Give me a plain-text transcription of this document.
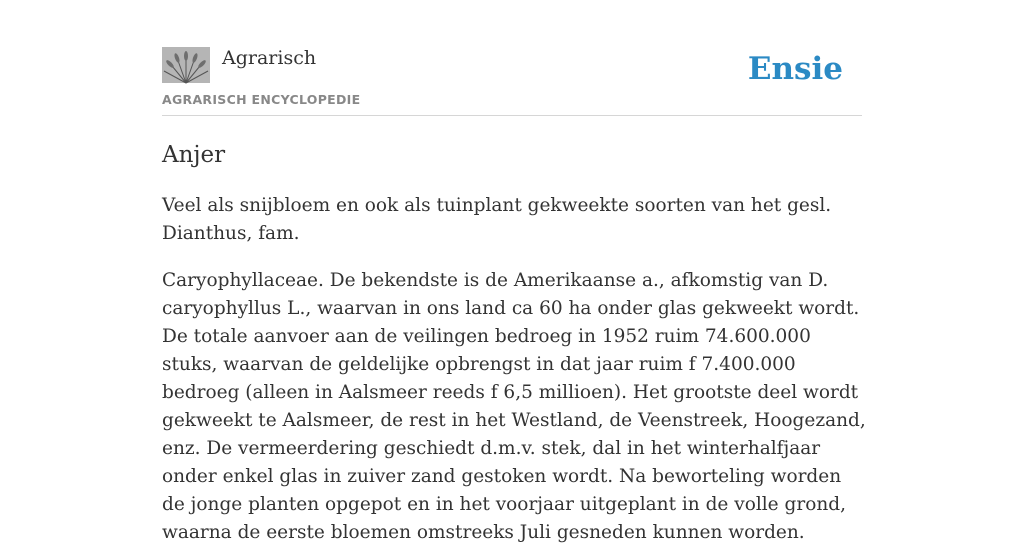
Agrarisch
AGRARISCH ENCYCLOPEDIE
Ensie
Anjer

Veel als snijbloem en ook als tuinplant gekweekte soorten van het gesl. Dianthus, fam.

Caryophyllaceae. De bekendste is de Amerikaanse a., afkomstig van D. caryophyllus L., waarvan in ons land ca 60 ha onder glas gekweekt wordt. De totale aanvoer aan de veilingen bedroeg in 1952 ruim 74.600.000 stuks, waarvan de geldelijke opbrengst in dat jaar ruim f 7.400.000 bedroeg (alleen in Aalsmeer reeds f 6,5 millioen). Het grootste deel wordt gekweekt te Aalsmeer, de rest in het Westland, de Veenstreek, Hoogezand, enz. De vermeerdering geschiedt d.m.v. stek, dal in het winterhalfjaar onder enkel glas in zuiver zand gestoken wordt. Na beworteling worden de jonge planten opgepot en in het voorjaar uitgeplant in de volle grond, waarna de eerste bloemen omstreeks Juli gesneden kunnen worden.
